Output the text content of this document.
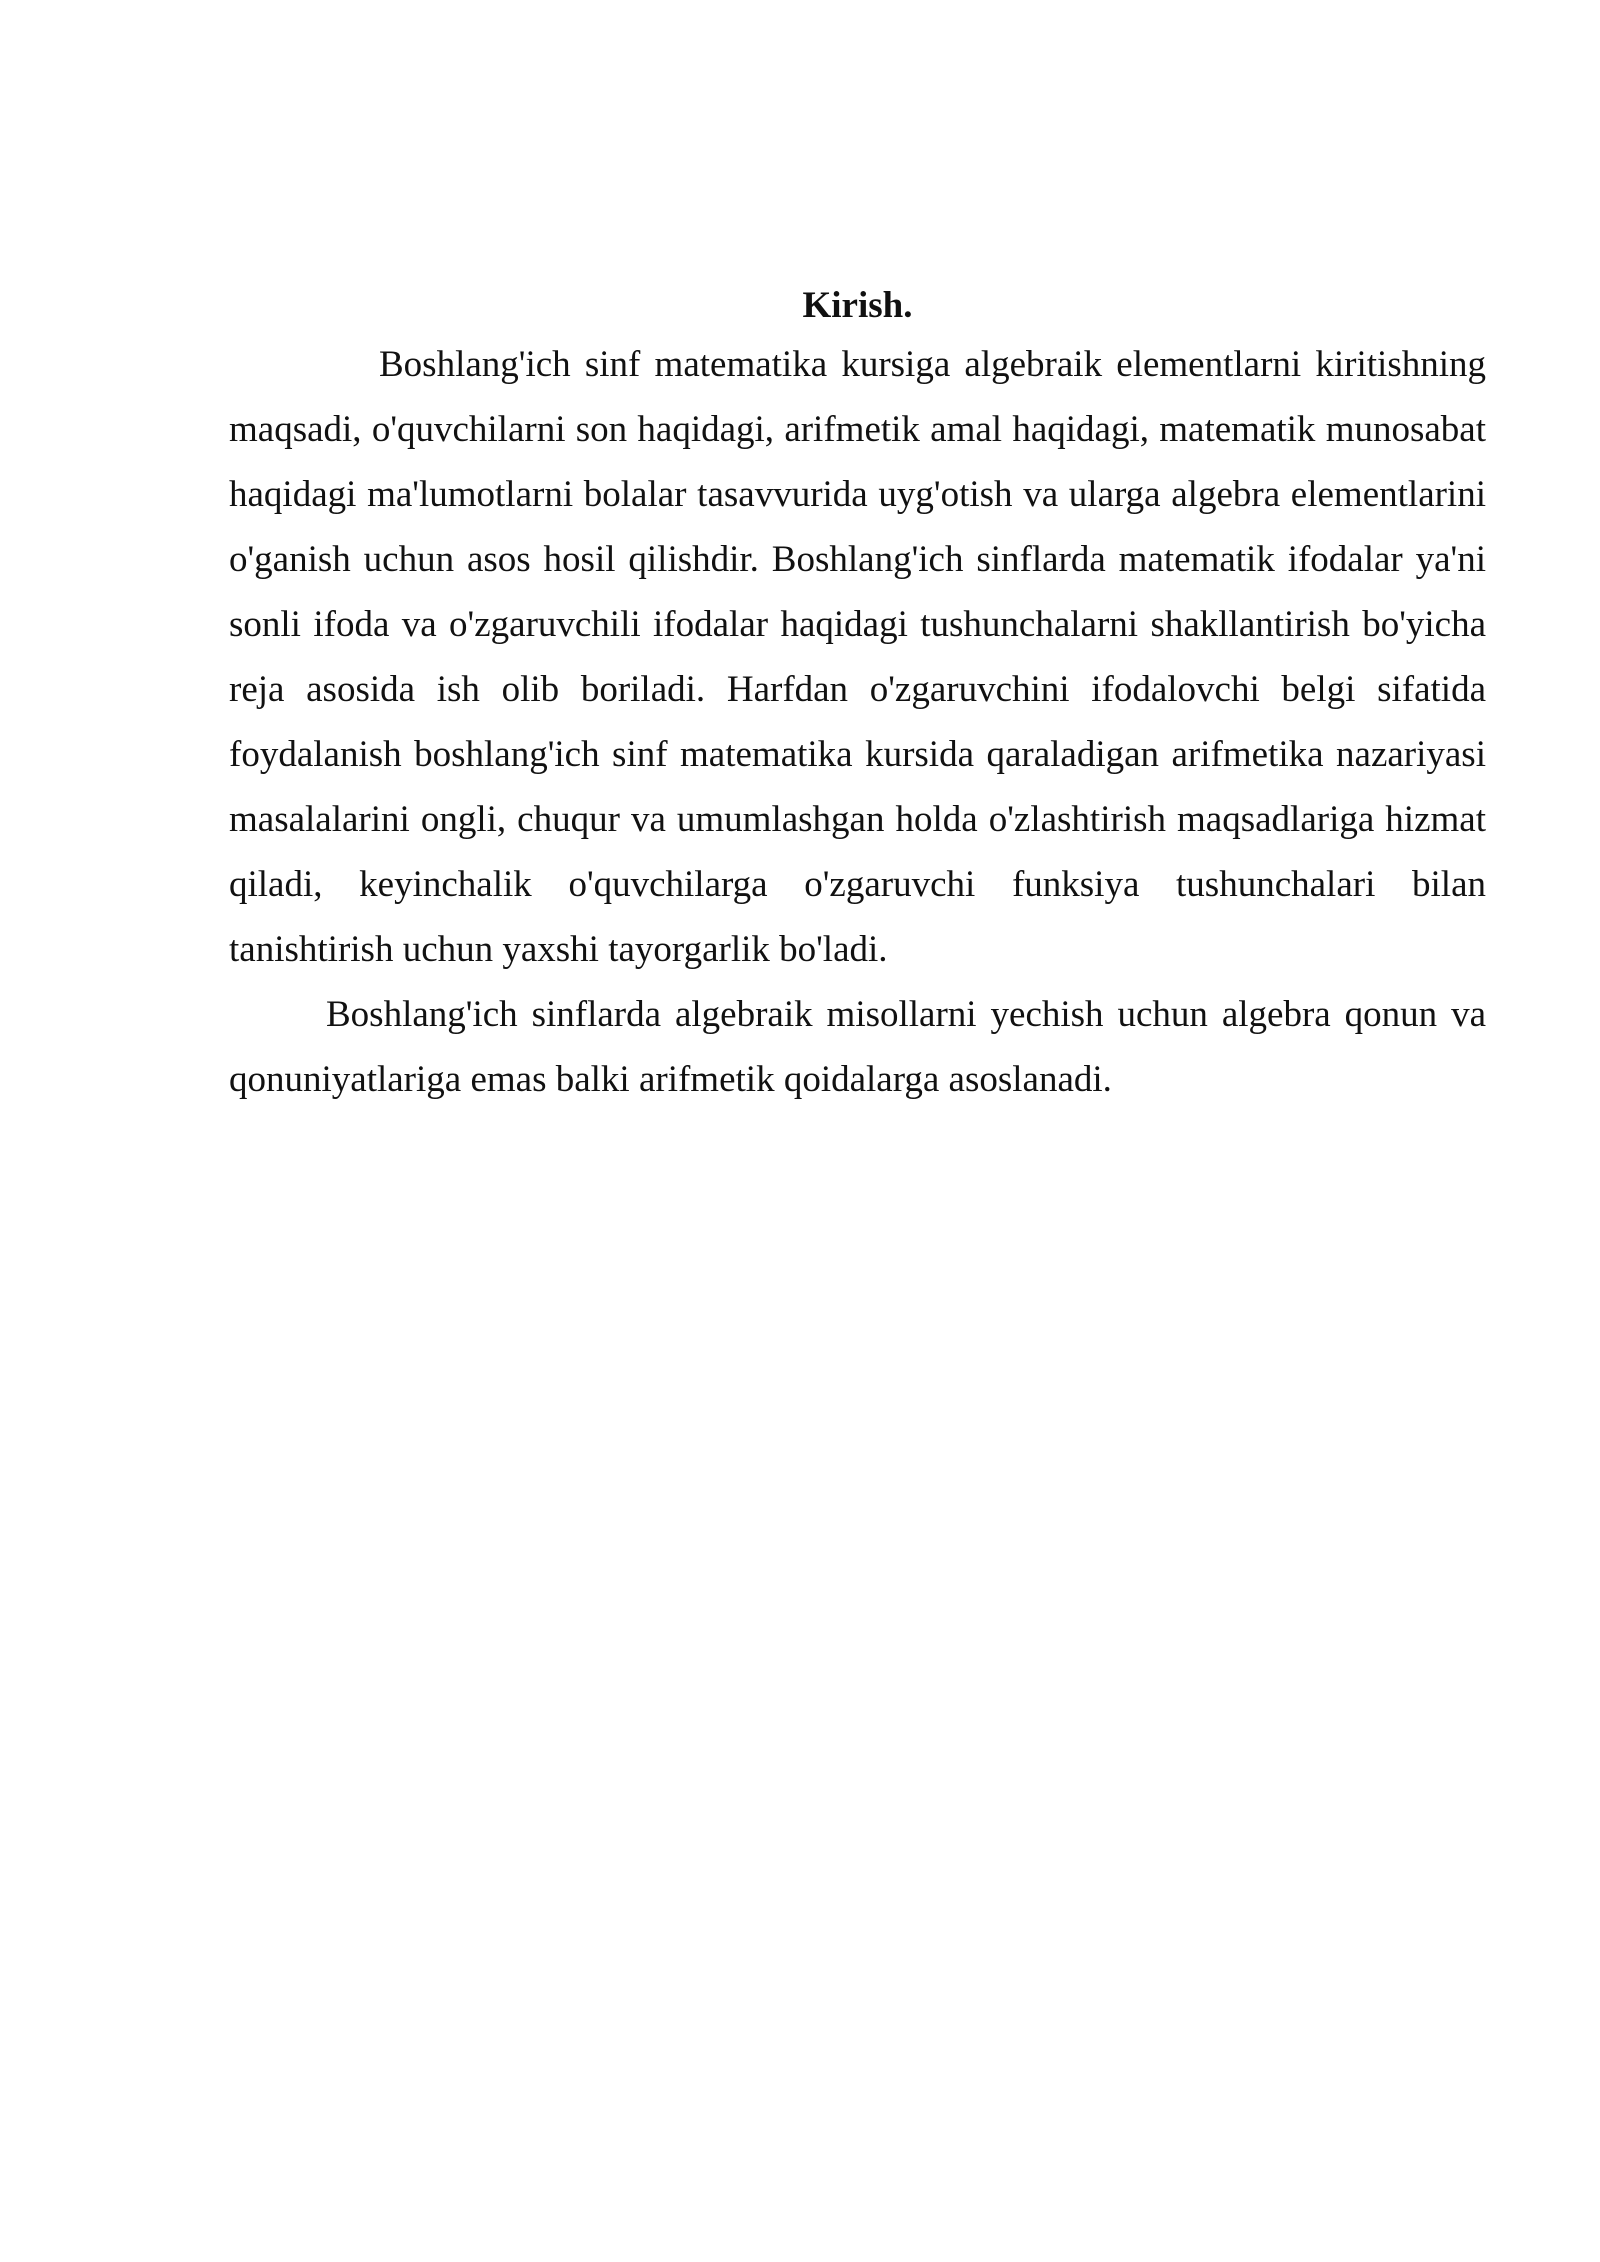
Kirish.

Boshlang'ich sinf matematika kursiga algebraik elementlarni kiritishning maqsadi, o'quvchilarni son haqidagi, arifmetik amal haqidagi, matematik munosabat haqidagi ma'lumotlarni bolalar tasavvurida uyg'otish va ularga algebra elementlarini o'ganish uchun asos hosil qilishdir. Boshlang'ich sinflarda matematik ifodalar ya'ni sonli ifoda va o'zgaruvchili ifodalar haqidagi tushunchalarni shakllantirish bo'yicha reja asosida ish olib boriladi. Harfdan o'zgaruvchini ifodalovchi belgi sifatida foydalanish boshlang'ich sinf matematika kursida qaraladigan arifmetika nazariyasi masalalarini ongli, chuqur va umumlashgan holda o'zlashtirish maqsadlariga hizmat qiladi, keyinchalik o'quvchilarga o'zgaruvchi funksiya tushunchalari bilan tanishtirish uchun yaxshi tayorgarlik bo'ladi.

Boshlang'ich sinflarda algebraik misollarni yechish uchun algebra qonun va qonuniyatlariga emas balki arifmetik qoidalarga asoslanadi.
